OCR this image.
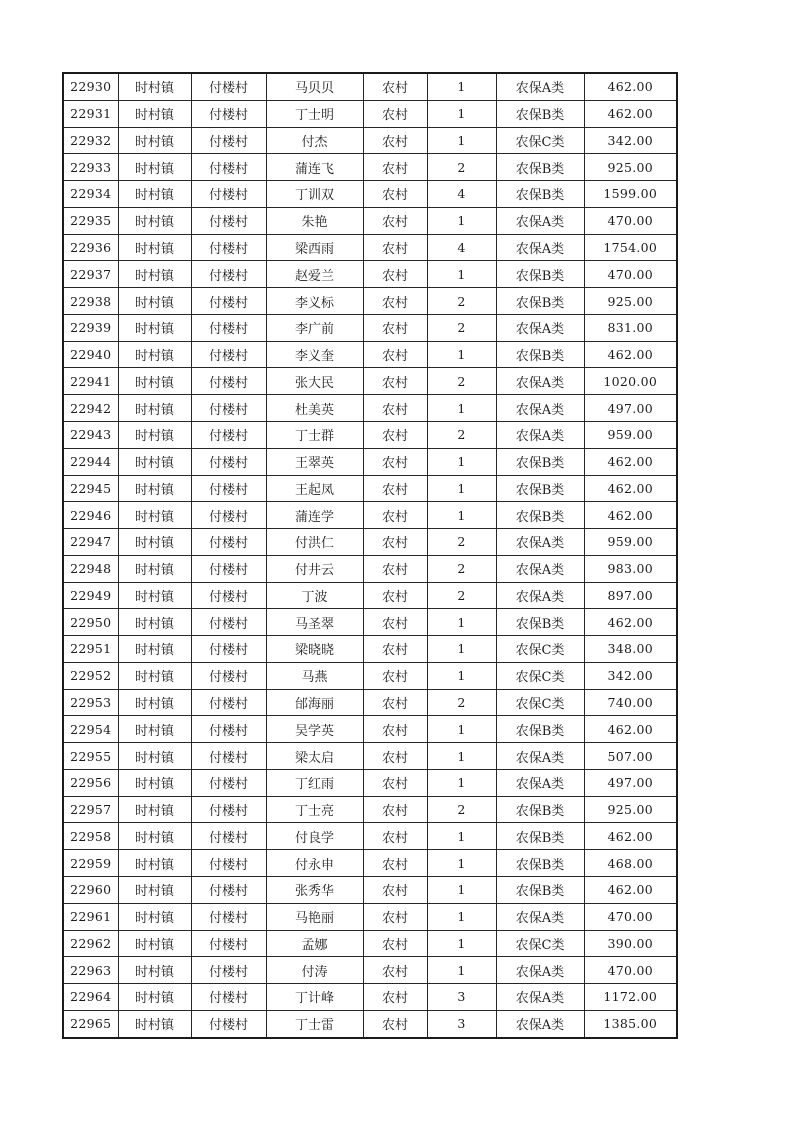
22930	时村镇	付楼村	马贝贝	农村	1	农保A类	462.00
22931	时村镇	付楼村	丁士明	农村	1	农保B类	462.00
22932	时村镇	付楼村	付杰	农村	1	农保C类	342.00
22933	时村镇	付楼村	蒲连飞	农村	2	农保B类	925.00
22934	时村镇	付楼村	丁训双	农村	4	农保B类	1599.00
22935	时村镇	付楼村	朱艳	农村	1	农保A类	470.00
22936	时村镇	付楼村	梁西雨	农村	4	农保A类	1754.00
22937	时村镇	付楼村	赵爱兰	农村	1	农保B类	470.00
22938	时村镇	付楼村	李义标	农村	2	农保B类	925.00
22939	时村镇	付楼村	李广前	农村	2	农保A类	831.00
22940	时村镇	付楼村	李义奎	农村	1	农保B类	462.00
22941	时村镇	付楼村	张大民	农村	2	农保A类	1020.00
22942	时村镇	付楼村	杜美英	农村	1	农保A类	497.00
22943	时村镇	付楼村	丁士群	农村	2	农保A类	959.00
22944	时村镇	付楼村	王翠英	农村	1	农保B类	462.00
22945	时村镇	付楼村	王起凤	农村	1	农保B类	462.00
22946	时村镇	付楼村	蒲连学	农村	1	农保B类	462.00
22947	时村镇	付楼村	付洪仁	农村	2	农保A类	959.00
22948	时村镇	付楼村	付井云	农村	2	农保A类	983.00
22949	时村镇	付楼村	丁波	农村	2	农保A类	897.00
22950	时村镇	付楼村	马圣翠	农村	1	农保B类	462.00
22951	时村镇	付楼村	梁晓晓	农村	1	农保C类	348.00
22952	时村镇	付楼村	马燕	农村	1	农保C类	342.00
22953	时村镇	付楼村	邰海丽	农村	2	农保C类	740.00
22954	时村镇	付楼村	吴学英	农村	1	农保B类	462.00
22955	时村镇	付楼村	梁太启	农村	1	农保A类	507.00
22956	时村镇	付楼村	丁红雨	农村	1	农保A类	497.00
22957	时村镇	付楼村	丁士亮	农村	2	农保B类	925.00
22958	时村镇	付楼村	付良学	农村	1	农保B类	462.00
22959	时村镇	付楼村	付永申	农村	1	农保B类	468.00
22960	时村镇	付楼村	张秀华	农村	1	农保B类	462.00
22961	时村镇	付楼村	马艳丽	农村	1	农保A类	470.00
22962	时村镇	付楼村	孟娜	农村	1	农保C类	390.00
22963	时村镇	付楼村	付涛	农村	1	农保A类	470.00
22964	时村镇	付楼村	丁计峰	农村	3	农保A类	1172.00
22965	时村镇	付楼村	丁士雷	农村	3	农保A类	1385.00
